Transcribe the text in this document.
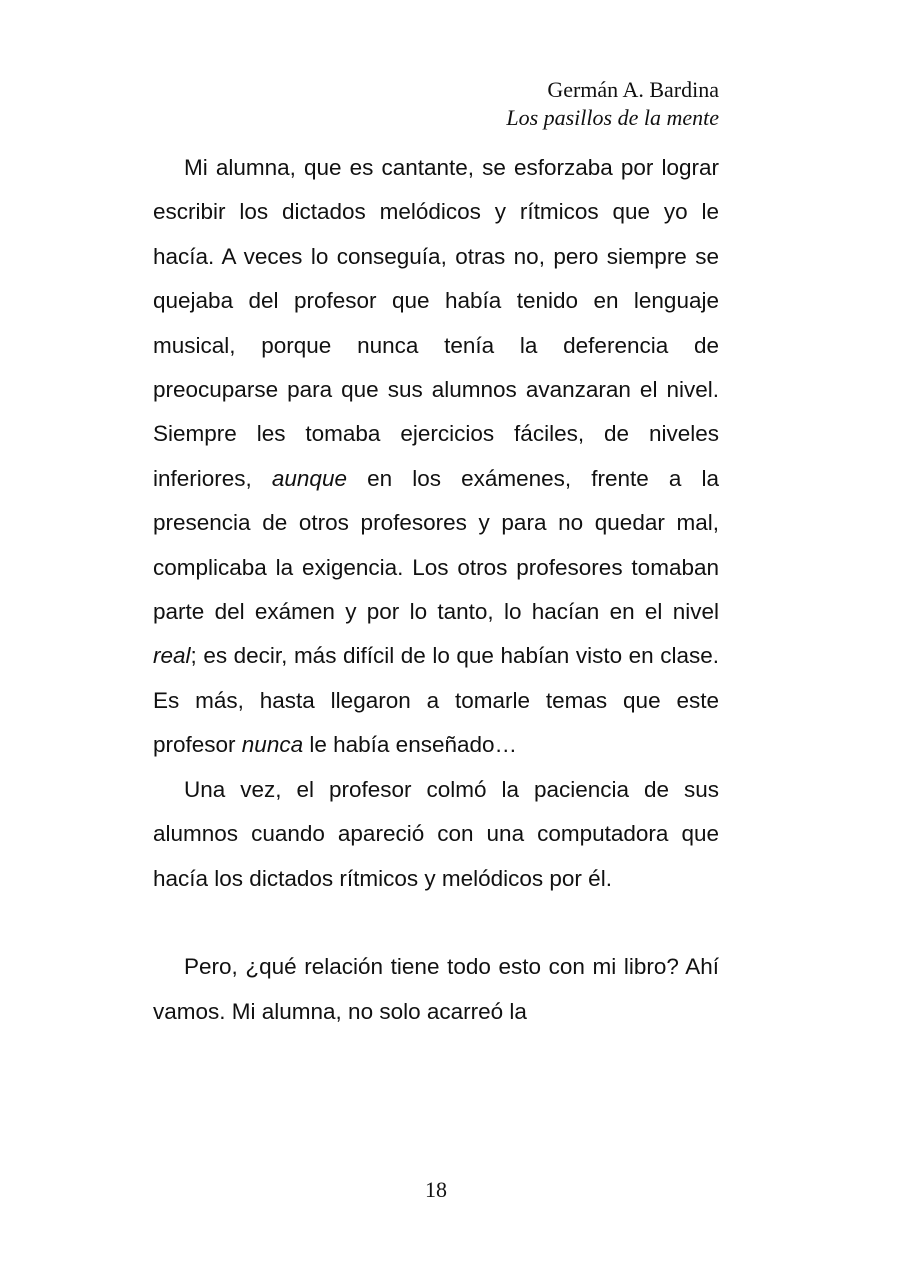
Germán A. Bardina
Los pasillos de la mente

Mi alumna, que es cantante, se esforzaba por lograr escribir los dictados melódicos y rítmicos que yo le hacía. A veces lo conseguía, otras no, pero siempre se quejaba del profesor que había tenido en lenguaje musical, porque nunca tenía la deferencia de preocuparse para que sus alumnos avanzaran el nivel. Siempre les tomaba ejercicios fáciles, de niveles inferiores, aunque en los exámenes, frente a la presencia de otros profesores y para no quedar mal, complicaba la exigencia. Los otros profesores tomaban parte del exámen y por lo tanto, lo hacían en el nivel real; es decir, más difícil de lo que habían visto en clase. Es más, hasta llegaron a tomarle temas que este profesor nunca le había enseñado…

Una vez, el profesor colmó la paciencia de sus alumnos cuando apareció con una computadora que hacía los dictados rítmicos y melódicos por él.

Pero, ¿qué relación tiene todo esto con mi libro? Ahí vamos. Mi alumna, no solo acarreó la

18
